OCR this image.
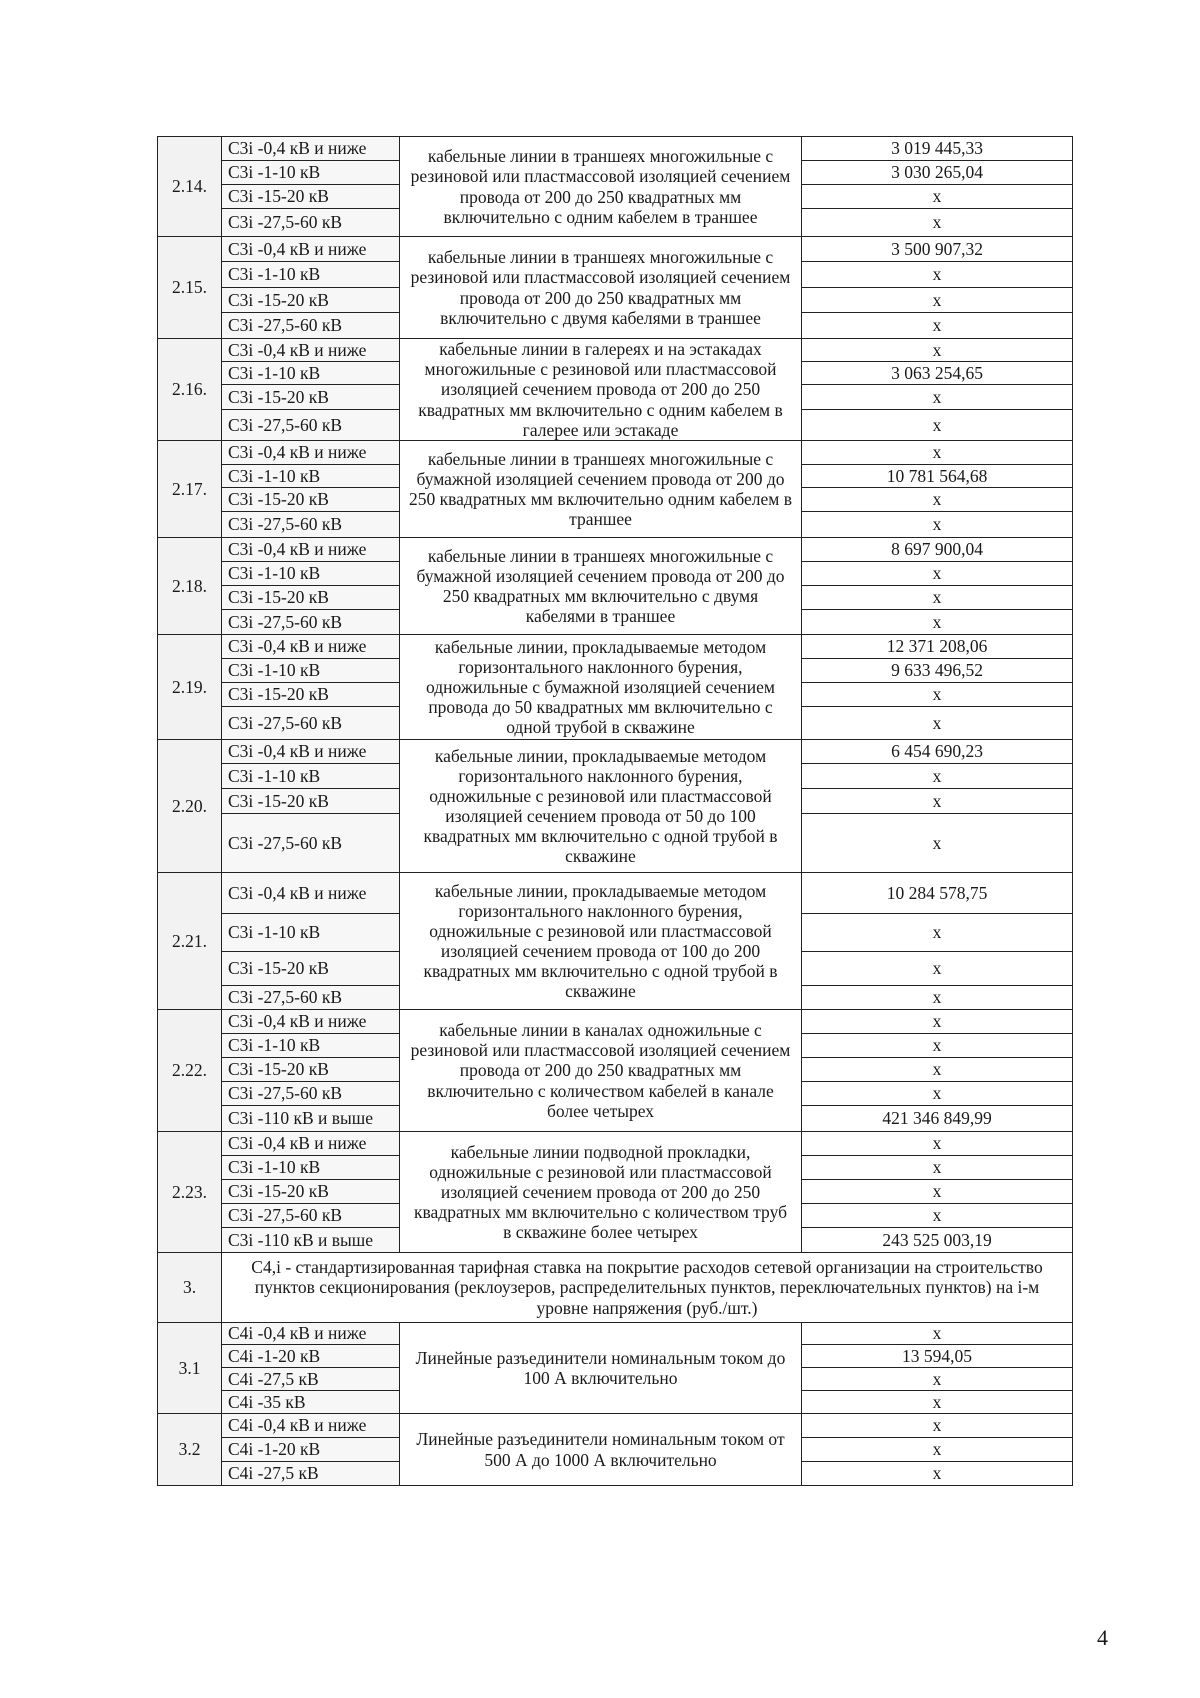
2.14.	С3i -0,4 кВ и ниже	кабельные линии в траншеях многожильные с резиновой или пластмассовой изоляцией сечением провода от 200 до 250 квадратных мм включительно с одним кабелем в траншее	3 019 445,33
	С3i -1-10 кВ		3 030 265,04
	С3i -15-20 кВ		x
	С3i -27,5-60 кВ		x
2.15.	С3i -0,4 кВ и ниже	кабельные линии в траншеях многожильные с резиновой или пластмассовой изоляцией сечением провода от 200 до 250 квадратных мм включительно с двумя кабелями в траншее	3 500 907,32
	С3i -1-10 кВ		x
	С3i -15-20 кВ		x
	С3i -27,5-60 кВ		x
2.16.	С3i -0,4 кВ и ниже	кабельные линии в галереях и на эстакадах многожильные с резиновой или пластмассовой изоляцией сечением провода от 200 до 250 квадратных мм включительно с одним кабелем в галерее или эстакаде	x
	С3i -1-10 кВ		3 063 254,65
	С3i -15-20 кВ		x
	С3i -27,5-60 кВ		x
2.17.	С3i -0,4 кВ и ниже	кабельные линии в траншеях многожильные с бумажной изоляцией сечением провода от 200 до 250 квадратных мм включительно одним кабелем в траншее	x
	С3i -1-10 кВ		10 781 564,68
	С3i -15-20 кВ		x
	С3i -27,5-60 кВ		x
2.18.	С3i -0,4 кВ и ниже	кабельные линии в траншеях многожильные с бумажной изоляцией сечением провода от 200 до 250 квадратных мм включительно с двумя кабелями в траншее	8 697 900,04
	С3i -1-10 кВ		x
	С3i -15-20 кВ		x
	С3i -27,5-60 кВ		x
2.19.	С3i -0,4 кВ и ниже	кабельные линии, прокладываемые методом горизонтального наклонного бурения, одножильные с бумажной изоляцией сечением провода до 50 квадратных мм включительно с одной трубой в скважине	12 371 208,06
	С3i -1-10 кВ		9 633 496,52
	С3i -15-20 кВ		x
	С3i -27,5-60 кВ		x
2.20.	С3i -0,4 кВ и ниже	кабельные линии, прокладываемые методом горизонтального наклонного бурения, одножильные с резиновой или пластмассовой изоляцией сечением провода от 50 до 100 квадратных мм включительно с одной трубой в скважине	6 454 690,23
	С3i -1-10 кВ		x
	С3i -15-20 кВ		x
	С3i -27,5-60 кВ		x
2.21.	С3i -0,4 кВ и ниже	кабельные линии, прокладываемые методом горизонтального наклонного бурения, одножильные с резиновой или пластмассовой изоляцией сечением провода от 100 до 200 квадратных мм включительно с одной трубой в скважине	10 284 578,75
	С3i -1-10 кВ		x
	С3i -15-20 кВ		x
	С3i -27,5-60 кВ		x
2.22.	С3i -0,4 кВ и ниже	кабельные линии в каналах одножильные с резиновой или пластмассовой изоляцией сечением провода от 200 до 250 квадратных мм включительно с количеством кабелей в канале более четырех	x
	С3i -1-10 кВ		x
	С3i -15-20 кВ		x
	С3i -27,5-60 кВ		x
	С3i -110 кВ и выше		421 346 849,99
2.23.	С3i -0,4 кВ и ниже	кабельные линии подводной прокладки, одножильные с резиновой или пластмассовой изоляцией сечением провода от 200 до 250 квадратных мм включительно с количеством труб в скважине более четырех	x
	С3i -1-10 кВ		x
	С3i -15-20 кВ		x
	С3i -27,5-60 кВ		x
	С3i -110 кВ и выше		243 525 003,19
3.	С4,i - стандартизированная тарифная ставка на покрытие расходов сетевой организации на строительство пунктов секционирования (реклоузеров, распределительных пунктов, переключательных пунктов) на i-м уровне напряжения (руб./шт.)		
3.1	С4i -0,4 кВ и ниже	Линейные разъединители номинальным током до 100 А включительно	x
	С4i -1-20 кВ		13 594,05
	С4i -27,5 кВ		x
	С4i -35 кВ		x
3.2	С4i -0,4 кВ и ниже	Линейные разъединители номинальным током от 500 А до 1000 А включительно	x
	С4i -1-20 кВ		x
	С4i -27,5 кВ		x
4
